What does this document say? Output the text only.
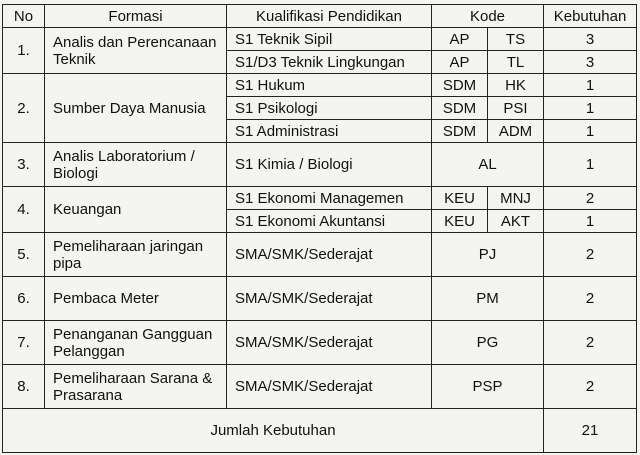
No	Formasi	Kualifikasi Pendidikan	Kode		Kebutuhan
1.	Analis dan Perencanaan Teknik	S1 Teknik Sipil	AP	TS	3
		S1/D3 Teknik Lingkungan	AP	TL	3
2.	Sumber Daya Manusia	S1 Hukum	SDM	HK	1
		S1 Psikologi	SDM	PSI	1
		S1 Administrasi	SDM	ADM	1
3.	Analis Laboratorium / Biologi	S1 Kimia / Biologi	AL		1
4.	Keuangan	S1 Ekonomi Managemen	KEU	MNJ	2
		S1 Ekonomi Akuntansi	KEU	AKT	1
5.	Pemeliharaan jaringan pipa	SMA/SMK/Sederajat	PJ		2
6.	Pembaca Meter	SMA/SMK/Sederajat	PM		2
7.	Penanganan Gangguan Pelanggan	SMA/SMK/Sederajat	PG		2
8.	Pemeliharaan Sarana & Prasarana	SMA/SMK/Sederajat	PSP		2
Jumlah Kebutuhan					21
